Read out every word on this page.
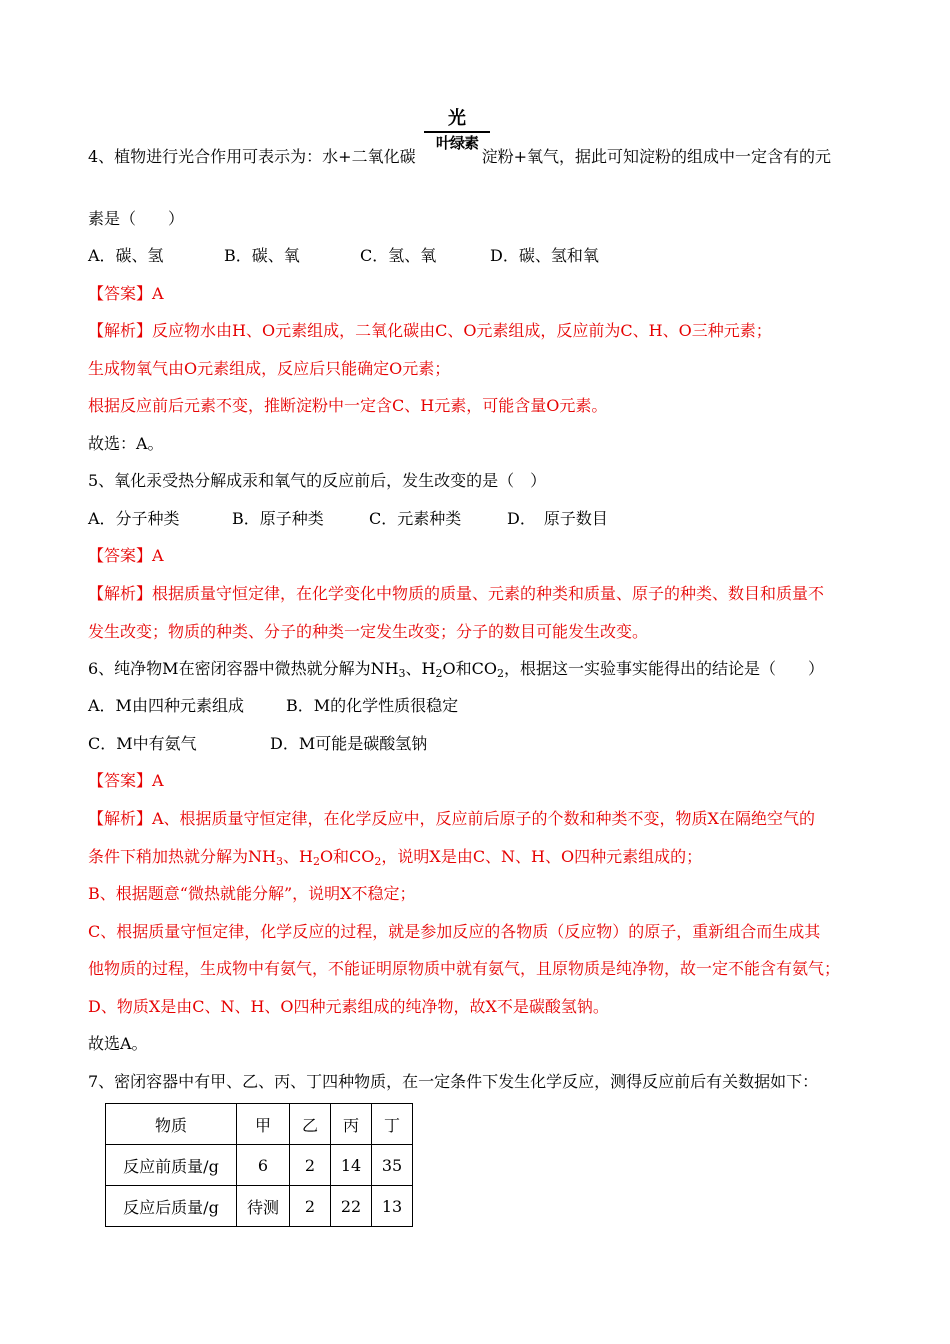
光
叶绿素
4、植物进行光合作用可表示为：水+二氧化碳	淀粉+氧气，据此可知淀粉的组成中一定含有的元
素是（　　）
A．碳、氢	B．碳、氧	C．氢、氧	D．碳、氢和氧
【答案】A
【解析】反应物水由H、O元素组成，二氧化碳由C、O元素组成，反应前为C、H、O三种元素；
生成物氧气由O元素组成，反应后只能确定O元素；
根据反应前后元素不变，推断淀粉中一定含C、H元素，可能含量O元素。
故选：A。
5、氧化汞受热分解成汞和氧气的反应前后，发生改变的是（　）
A．分子种类	B．原子种类	C．元素种类	D．　原子数目
【答案】A
【解析】根据质量守恒定律，在化学变化中物质的质量、元素的种类和质量、原子的种类、数目和质量不
发生改变；物质的种类、分子的种类一定发生改变；分子的数目可能发生改变。
6、纯净物M在密闭容器中微热就分解为$NH_3$、$H_2O$和$CO_2$，根据这一实验事实能得出的结论是（　　）
A．M由四种元素组成	B．M的化学性质很稳定
C．M中有氨气	D．M可能是碳酸氢钠
【答案】A
【解析】A、根据质量守恒定律，在化学反应中，反应前后原子的个数和种类不变，物质X在隔绝空气的
条件下稍加热就分解为$NH_3$、$H_2O$和$CO_2$，说明X是由C、N、H、O四种元素组成的；
B、根据题意“微热就能分解”，说明X不稳定；
C、根据质量守恒定律，化学反应的过程，就是参加反应的各物质（反应物）的原子，重新组合而生成其
他物质的过程，生成物中有氨气，不能证明原物质中就有氨气，且原物质是纯净物，故一定不能含有氨气；
D、物质X是由C、N、H、O四种元素组成的纯净物，故X不是碳酸氢钠。
故选A。
7、密闭容器中有甲、乙、丙、丁四种物质，在一定条件下发生化学反应，测得反应前后有关数据如下：
物质	甲	乙	丙	丁
反应前质量/g	6	2	14	35
反应后质量/g	待测	2	22	13
